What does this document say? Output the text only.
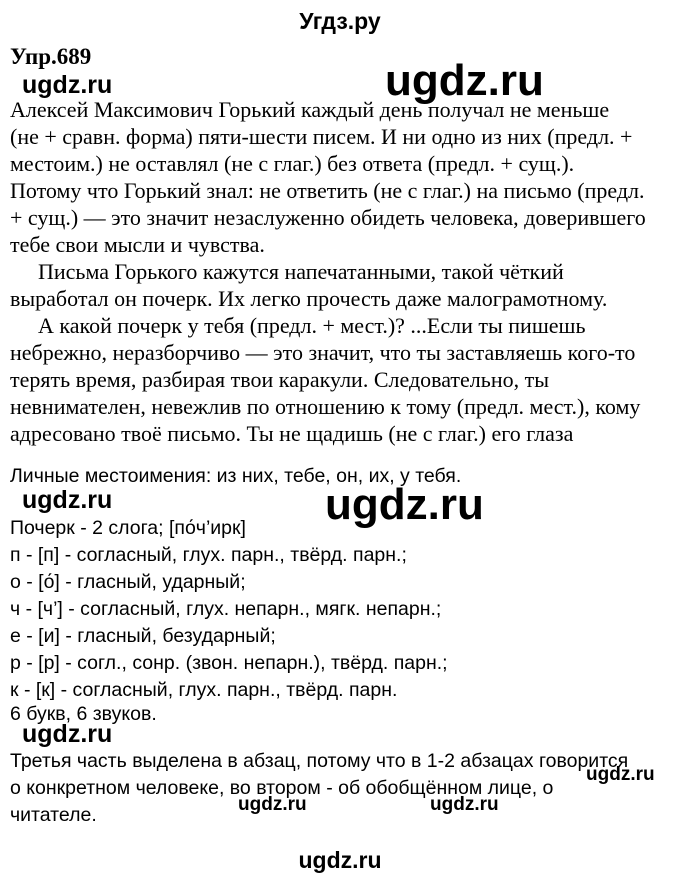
Угдз.ру
Упр.689
ugdz.ru	ugdz.ru
Алексей Максимович Горький каждый день получал не меньше
(не + сравн. форма) пяти-шести писем. И ни одно из них (предл. +
местоим.) не оставлял (не с глаг.) без ответа (предл. + сущ.).
Потому что Горький знал: не ответить (не с глаг.) на письмо (предл.
+ сущ.) — это значит незаслуженно обидеть человека, доверившего
тебе свои мысли и чувства.
Письма Горького кажутся напечатанными, такой чёткий
выработал он почерк. Их легко прочесть даже малограмотному.
А какой почерк у тебя (предл. + мест.)? ...Если ты пишешь
небрежно, неразборчиво — это значит, что ты заставляешь кого-то
терять время, разбирая твои каракули. Следовательно, ты
невнимателен, невежлив по отношению к тому (предл. мест.), кому
адресовано твоё письмо. Ты не щадишь (не с глаг.) его глаза
Личные местоимения: из них, тебе, он, их, у тебя.
ugdz.ru	ugdz.ru
Почерк - 2 слога; [по́ч’ирк]
п - [п] - согласный, глух. парн., твёрд. парн.;
о - [о́] - гласный, ударный;
ч - [ч’] - согласный, глух. непарн., мягк. непарн.;
е - [и] - гласный, безударный;
р - [р] - согл., сонр. (звон. непарн.), твёрд. парн.;
к - [к] - согласный, глух. парн., твёрд. парн.
6 букв, 6 звуков.
ugdz.ru
Третья часть выделена в абзац, потому что в 1-2 абзацах говорится
о конкретном человеке, во втором - об обобщённом лице, о
читателе.
ugdz.ru
ugdz.ru	ugdz.ru
ugdz.ru
